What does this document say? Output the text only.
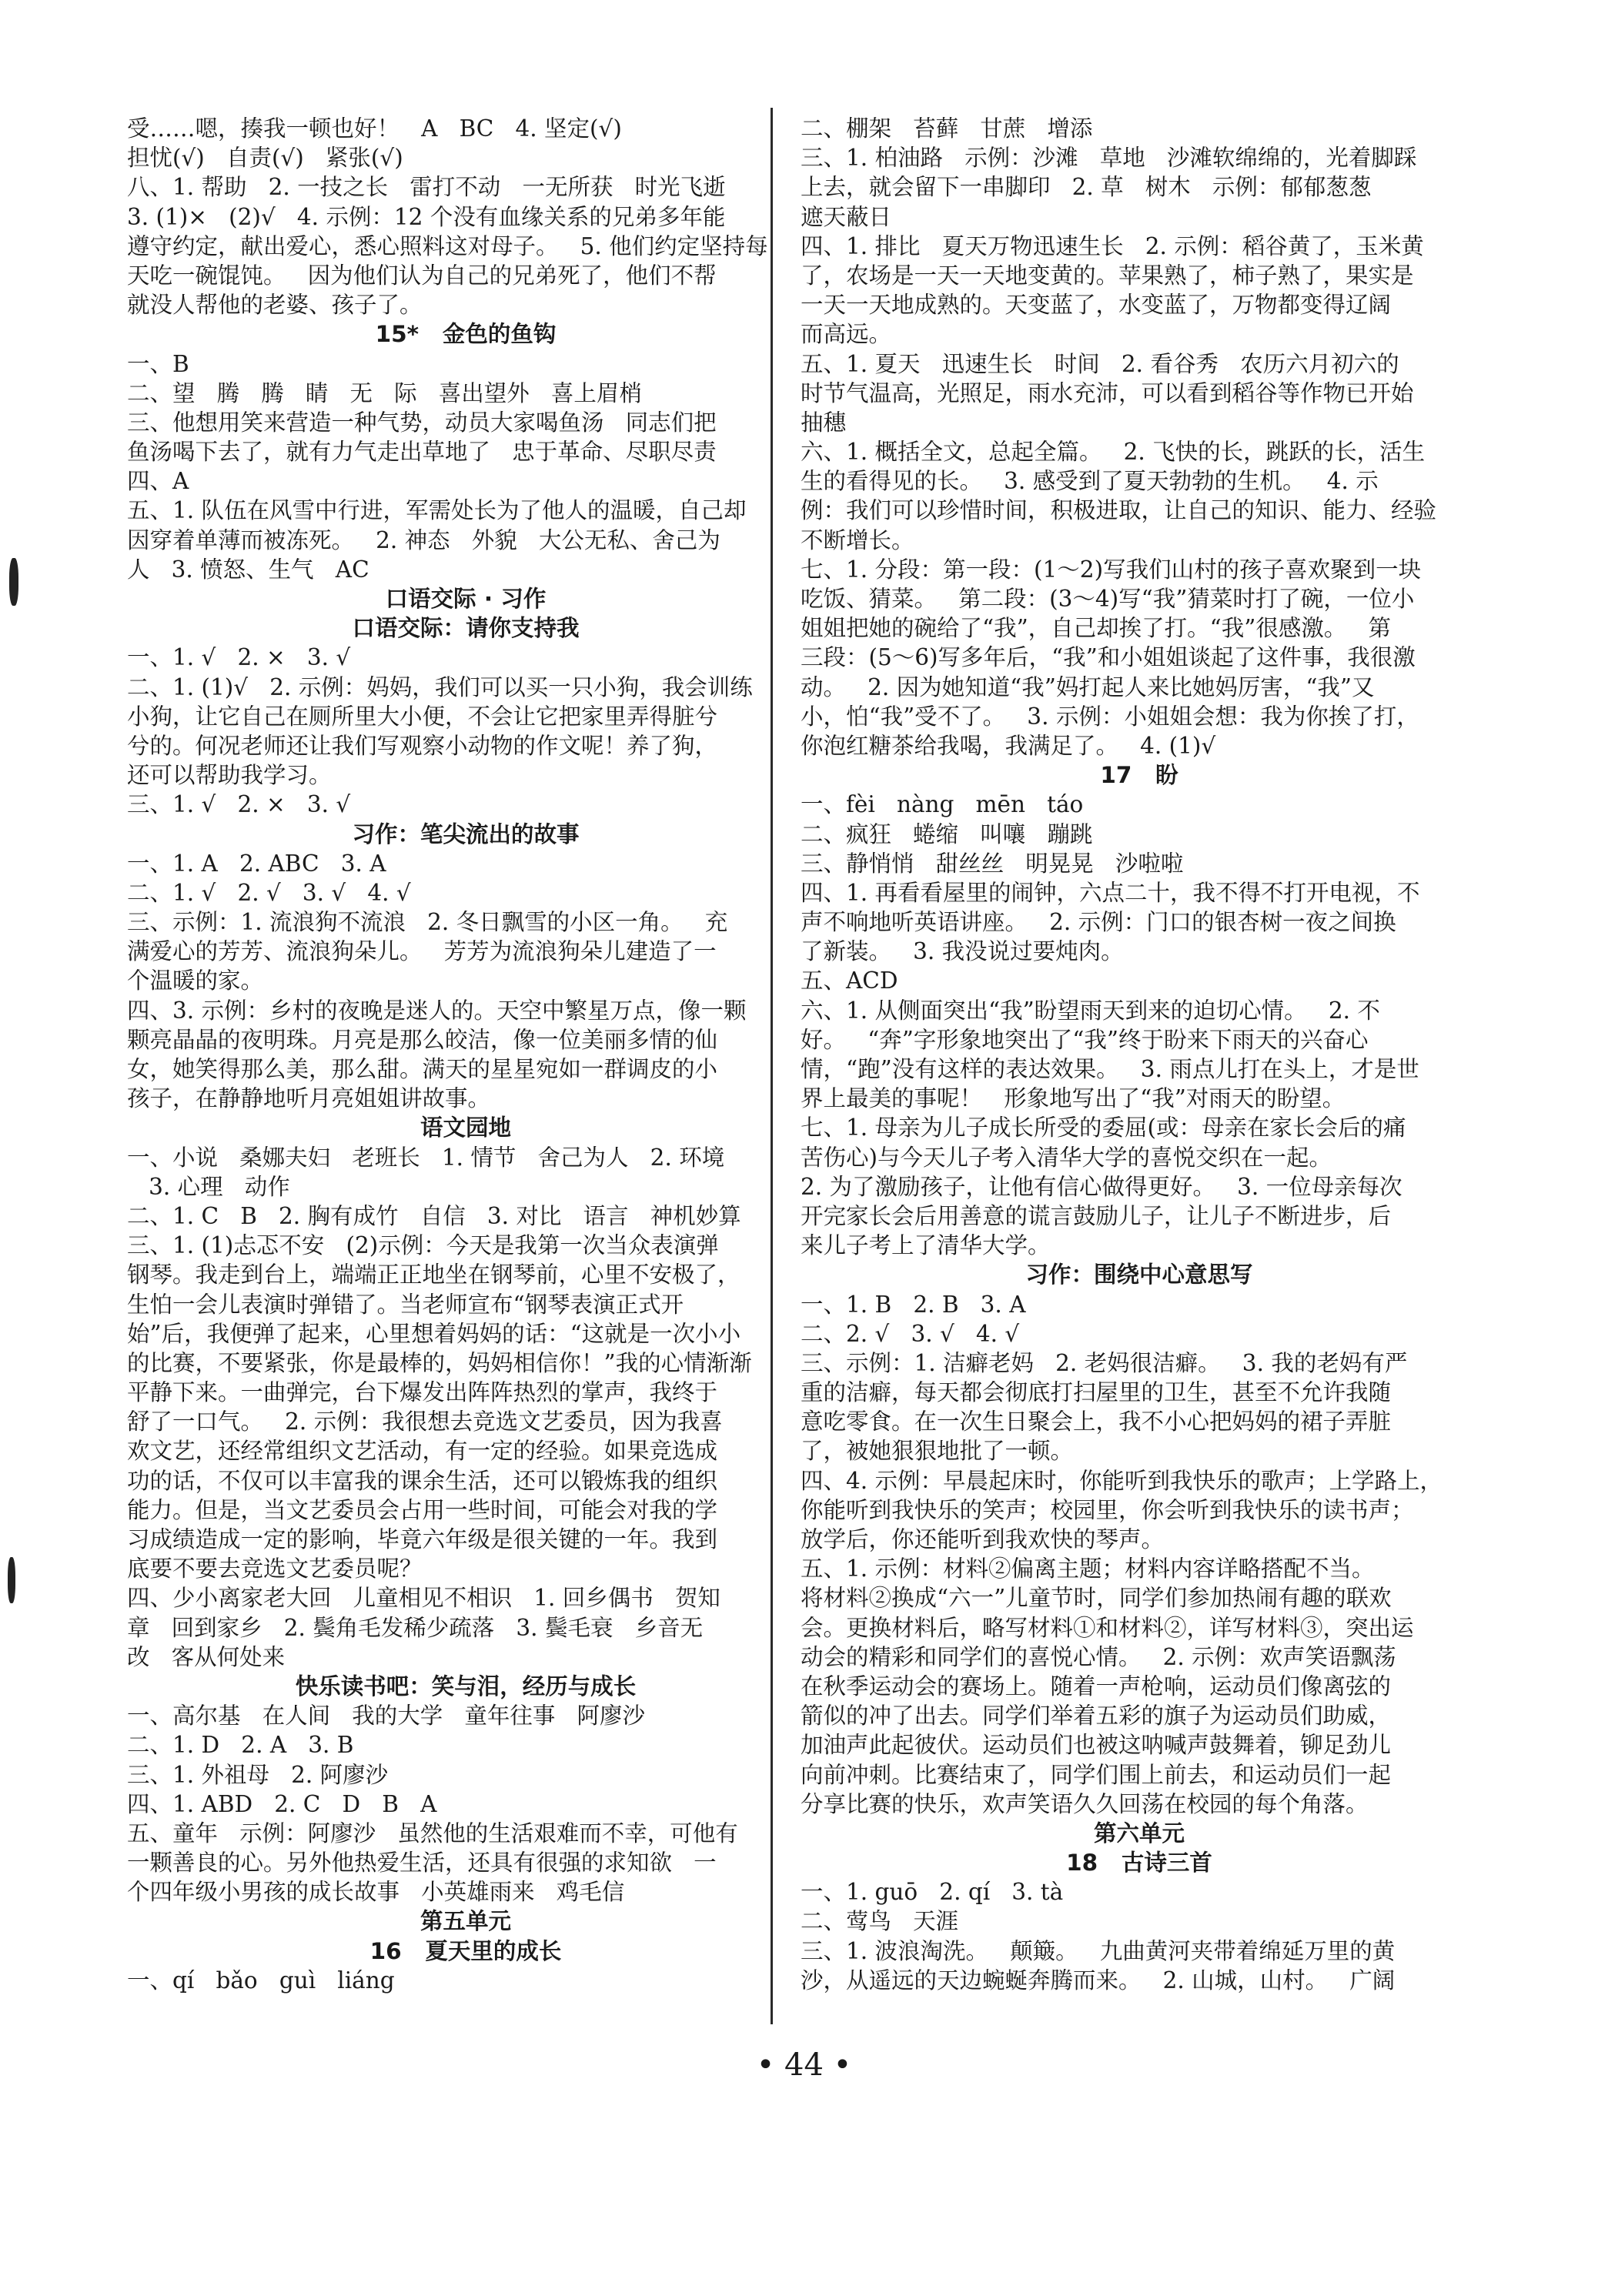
受……嗯，揍我一顿也好！   A   BC   4. 坚定(√)
担忧(√)   自责(√)   紧张(√)
八、1. 帮助   2. 一技之长   雷打不动   一无所获   时光飞逝
3. (1)×   (2)√   4. 示例：12 个没有血缘关系的兄弟多年能
遵守约定，献出爱心，悉心照料这对母子。   5. 他们约定坚持每
天吃一碗馄饨。   因为他们认为自己的兄弟死了，他们不帮
就没人帮他的老婆、孩子了。
15*   金色的鱼钩
一、B
二、望   腾   腾   睛   无   际   喜出望外   喜上眉梢
三、他想用笑来营造一种气势，动员大家喝鱼汤   同志们把
鱼汤喝下去了，就有力气走出草地了   忠于革命、尽职尽责
四、A
五、1. 队伍在风雪中行进，军需处长为了他人的温暖，自己却
因穿着单薄而被冻死。   2. 神态   外貌   大公无私、舍己为
人   3. 愤怒、生气   AC
口语交际 · 习作
口语交际：请你支持我
一、1. √   2. ×   3. √
二、1. (1)√   2. 示例：妈妈，我们可以买一只小狗，我会训练
小狗，让它自己在厕所里大小便，不会让它把家里弄得脏兮
兮的。何况老师还让我们写观察小动物的作文呢！养了狗，
还可以帮助我学习。
三、1. √   2. ×   3. √
习作：笔尖流出的故事
一、1. A   2. ABC   3. A
二、1. √   2. √   3. √   4. √
三、示例：1. 流浪狗不流浪   2. 冬日飘雪的小区一角。   充
满爱心的芳芳、流浪狗朵儿。   芳芳为流浪狗朵儿建造了一
个温暖的家。
四、3. 示例：乡村的夜晚是迷人的。天空中繁星万点，像一颗
颗亮晶晶的夜明珠。月亮是那么皎洁，像一位美丽多情的仙
女，她笑得那么美，那么甜。满天的星星宛如一群调皮的小
孩子，在静静地听月亮姐姐讲故事。
语文园地
一、小说   桑娜夫妇   老班长   1. 情节   舍己为人   2. 环境
3. 心理   动作
二、1. C   B   2. 胸有成竹   自信   3. 对比   语言   神机妙算
三、1. (1)忐忑不安   (2)示例：今天是我第一次当众表演弹
钢琴。我走到台上，端端正正地坐在钢琴前，心里不安极了，
生怕一会儿表演时弹错了。当老师宣布“钢琴表演正式开
始”后，我便弹了起来，心里想着妈妈的话：“这就是一次小小
的比赛，不要紧张，你是最棒的，妈妈相信你！”我的心情渐渐
平静下来。一曲弹完，台下爆发出阵阵热烈的掌声，我终于
舒了一口气。   2. 示例：我很想去竞选文艺委员，因为我喜
欢文艺，还经常组织文艺活动，有一定的经验。如果竞选成
功的话，不仅可以丰富我的课余生活，还可以锻炼我的组织
能力。但是，当文艺委员会占用一些时间，可能会对我的学
习成绩造成一定的影响，毕竟六年级是很关键的一年。我到
底要不要去竞选文艺委员呢？
四、少小离家老大回   儿童相见不相识   1. 回乡偶书   贺知
章   回到家乡   2. 鬓角毛发稀少疏落   3. 鬓毛衰   乡音无
改   客从何处来
快乐读书吧：笑与泪，经历与成长
一、高尔基   在人间   我的大学   童年往事   阿廖沙
二、1. D   2. A   3. B
三、1. 外祖母   2. 阿廖沙
四、1. ABD   2. C   D   B   A
五、童年   示例：阿廖沙   虽然他的生活艰难而不幸，可他有
一颗善良的心。另外他热爱生活，还具有很强的求知欲   一
个四年级小男孩的成长故事   小英雄雨来   鸡毛信
第五单元
16   夏天里的成长
一、qí   bǎo   guì   liáng
二、棚架   苔藓   甘蔗   增添
三、1. 柏油路   示例：沙滩   草地   沙滩软绵绵的，光着脚踩
上去，就会留下一串脚印   2. 草   树木   示例：郁郁葱葱
遮天蔽日
四、1. 排比   夏天万物迅速生长   2. 示例：稻谷黄了，玉米黄
了，农场是一天一天地变黄的。苹果熟了，柿子熟了，果实是
一天一天地成熟的。天变蓝了，水变蓝了，万物都变得辽阔
而高远。
五、1. 夏天   迅速生长   时间   2. 看谷秀   农历六月初六的
时节气温高，光照足，雨水充沛，可以看到稻谷等作物已开始
抽穗
六、1. 概括全文，总起全篇。   2. 飞快的长，跳跃的长，活生
生的看得见的长。   3. 感受到了夏天勃勃的生机。   4. 示
例：我们可以珍惜时间，积极进取，让自己的知识、能力、经验
不断增长。
七、1. 分段：第一段：(1～2)写我们山村的孩子喜欢聚到一块
吃饭、猜菜。   第二段：(3～4)写“我”猜菜时打了碗，一位小
姐姐把她的碗给了“我”，自己却挨了打。“我”很感激。   第
三段：(5～6)写多年后，“我”和小姐姐谈起了这件事，我很激
动。   2. 因为她知道“我”妈打起人来比她妈厉害，“我”又
小，怕“我”受不了。   3. 示例：小姐姐会想：我为你挨了打，
你泡红糖茶给我喝，我满足了。   4. (1)√
17   盼
一、fèi   nàng   mēn   táo
二、疯狂   蜷缩   叫嚷   蹦跳
三、静悄悄   甜丝丝   明晃晃   沙啦啦
四、1. 再看看屋里的闹钟，六点二十，我不得不打开电视，不
声不响地听英语讲座。   2. 示例：门口的银杏树一夜之间换
了新装。   3. 我没说过要炖肉。
五、ACD
六、1. 从侧面突出“我”盼望雨天到来的迫切心情。   2. 不
好。   “奔”字形象地突出了“我”终于盼来下雨天的兴奋心
情，“跑”没有这样的表达效果。   3. 雨点儿打在头上，才是世
界上最美的事呢！   形象地写出了“我”对雨天的盼望。
七、1. 母亲为儿子成长所受的委屈(或：母亲在家长会后的痛
苦伤心)与今天儿子考入清华大学的喜悦交织在一起。
2. 为了激励孩子，让他有信心做得更好。   3. 一位母亲每次
开完家长会后用善意的谎言鼓励儿子，让儿子不断进步，后
来儿子考上了清华大学。
习作：围绕中心意思写
一、1. B   2. B   3. A
二、2. √   3. √   4. √
三、示例：1. 洁癖老妈   2. 老妈很洁癖。   3. 我的老妈有严
重的洁癖，每天都会彻底打扫屋里的卫生，甚至不允许我随
意吃零食。在一次生日聚会上，我不小心把妈妈的裙子弄脏
了，被她狠狠地批了一顿。
四、4. 示例：早晨起床时，你能听到我快乐的歌声；上学路上，
你能听到我快乐的笑声；校园里，你会听到我快乐的读书声；
放学后，你还能听到我欢快的琴声。
五、1. 示例：材料②偏离主题；材料内容详略搭配不当。
将材料②换成“六一”儿童节时，同学们参加热闹有趣的联欢
会。更换材料后，略写材料①和材料②，详写材料③，突出运
动会的精彩和同学们的喜悦心情。   2. 示例：欢声笑语飘荡
在秋季运动会的赛场上。随着一声枪响，运动员们像离弦的
箭似的冲了出去。同学们举着五彩的旗子为运动员们助威，
加油声此起彼伏。运动员们也被这呐喊声鼓舞着，铆足劲儿
向前冲刺。比赛结束了，同学们围上前去，和运动员们一起
分享比赛的快乐，欢声笑语久久回荡在校园的每个角落。
第六单元
18   古诗三首
一、1. guō   2. qí   3. tà
二、莺鸟   天涯
三、1. 波浪淘洗。   颠簸。   九曲黄河夹带着绵延万里的黄
沙，从遥远的天边蜿蜒奔腾而来。   2. 山城，山村。   广阔
• 44 •
